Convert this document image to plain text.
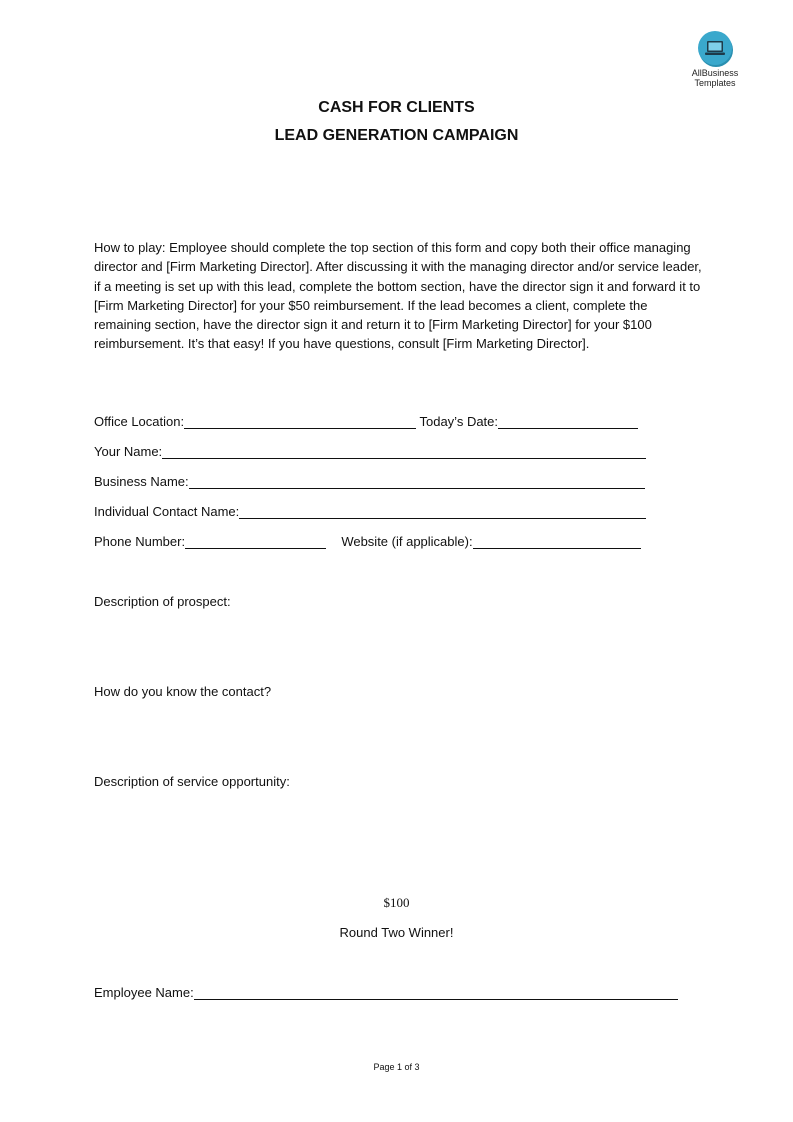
AllBusiness
Templates
CASH FOR CLIENTS
LEAD GENERATION CAMPAIGN
How to play: Employee should complete the top section of this form and copy both their office managing director and [Firm Marketing Director]. After discussing it with the managing director and/or service leader, if a meeting is set up with this lead, complete the bottom section, have the director sign it and forward it to [Firm Marketing Director] for your $50 reimbursement. If the lead becomes a client, complete the remaining section, have the director sign it and return it to [Firm Marketing Director] for your $100 reimbursement. It’s that easy! If you have questions, consult [Firm Marketing Director].
Office Location:	Today’s Date:
Your Name:
Business Name:
Individual Contact Name:
Phone Number:	Website (if applicable):
Description of prospect:
How do you know the contact?
Description of service opportunity:
$100
Round Two Winner!
Employee Name:
Page 1 of 3
